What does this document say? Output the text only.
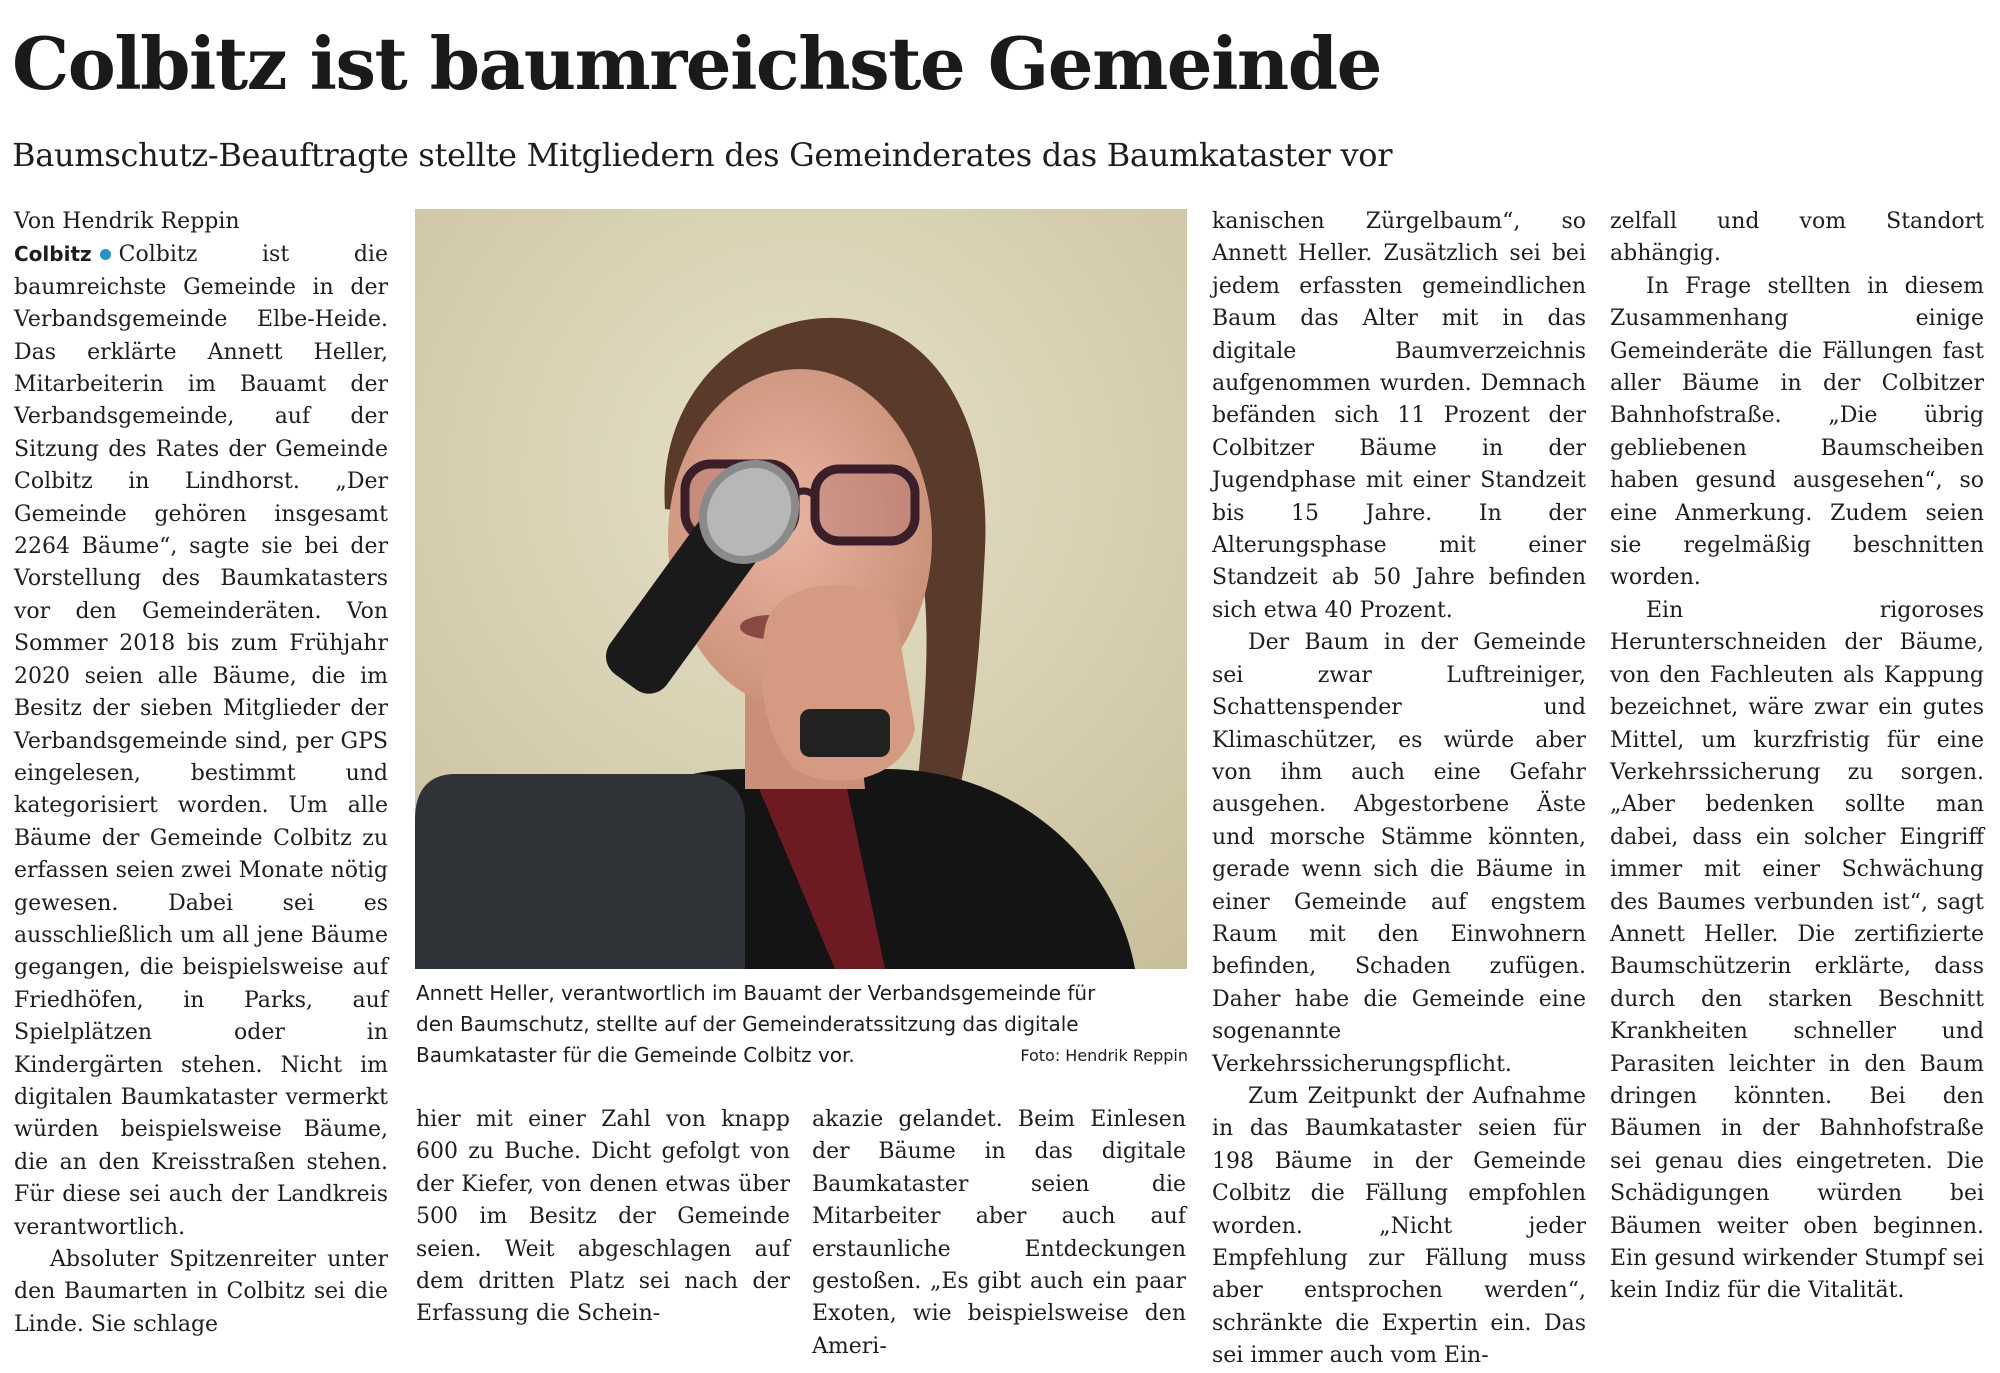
Colbitz ist baumreichste Gemeinde
Baumschutz-Beauftragte stellte Mitgliedern des Gemeinderates das Baumkataster vor
Von Hendrik Reppin

Colbitz Colbitz ist die baumreichste Gemeinde in der Verbandsgemeinde Elbe-Heide. Das erklärte Annett Heller, Mitarbeiterin im Bauamt der Verbandsgemeinde, auf der Sitzung des Rates der Gemeinde Colbitz in Lindhorst. „Der Gemeinde gehören insgesamt 2264 Bäume“, sagte sie bei der Vorstellung des Baumkatasters vor den Gemeinderäten. Von Sommer 2018 bis zum Frühjahr 2020 seien alle Bäume, die im Besitz der sieben Mitglieder der Verbandsgemeinde sind, per GPS eingelesen, bestimmt und kategorisiert worden. Um alle Bäume der Gemeinde Colbitz zu erfassen seien zwei Monate nötig gewesen. Dabei sei es ausschließlich um all jene Bäume gegangen, die beispielsweise auf Friedhöfen, in Parks, auf Spielplätzen oder in Kindergärten stehen. Nicht im digitalen Baumkataster vermerkt würden beispielsweise Bäume, die an den Kreisstraßen stehen. Für diese sei auch der Landkreis verantwortlich.

Absoluter Spitzenreiter unter den Baumarten in Colbitz sei die Linde. Sie schlage

Annett Heller, verantwortlich im Bauamt der Verbandsgemeinde für
den Baumschutz, stellte auf der Gemeinderatssitzung das digitale
Baumkataster für die Gemeinde Colbitz vor.	Foto: Hendrik Reppin

hier mit einer Zahl von knapp 600 zu Buche. Dicht gefolgt von der Kiefer, von denen etwas über 500 im Besitz der Gemeinde seien. Weit abgeschlagen auf dem dritten Platz sei nach der Erfassung die Schein-

akazie gelandet. Beim Einlesen der Bäume in das digitale Baumkataster seien die Mitarbeiter aber auch auf erstaunliche Entdeckungen gestoßen. „Es gibt auch ein paar Exoten, wie beispielsweise den Ameri-

kanischen Zürgelbaum“, so Annett Heller. Zusätzlich sei bei jedem erfassten gemeindlichen Baum das Alter mit in das digitale Baumverzeichnis aufgenommen wurden. Demnach befänden sich 11 Prozent der Colbitzer Bäume in der Jugendphase mit einer Standzeit bis 15 Jahre. In der Alterungsphase mit einer Standzeit ab 50 Jahre befinden sich etwa 40 Prozent.

Der Baum in der Gemeinde sei zwar Luftreiniger, Schattenspender und Klimaschützer, es würde aber von ihm auch eine Gefahr ausgehen. Abgestorbene Äste und morsche Stämme könnten, gerade wenn sich die Bäume in einer Gemeinde auf engstem Raum mit den Einwohnern befinden, Schaden zufügen. Daher habe die Gemeinde eine sogenannte Verkehrssicherungspflicht.

Zum Zeitpunkt der Aufnahme in das Baumkataster seien für 198 Bäume in der Gemeinde Colbitz die Fällung empfohlen worden. „Nicht jeder Empfehlung zur Fällung muss aber entsprochen werden“, schränkte die Expertin ein. Das sei immer auch vom Ein-

zelfall und vom Standort abhängig.

In Frage stellten in diesem Zusammenhang einige Gemeinderäte die Fällungen fast aller Bäume in der Colbitzer Bahnhofstraße. „Die übrig gebliebenen Baumscheiben haben gesund ausgesehen“, so eine Anmerkung. Zudem seien sie regelmäßig beschnitten worden.

Ein rigoroses Herunterschneiden der Bäume, von den Fachleuten als Kappung bezeichnet, wäre zwar ein gutes Mittel, um kurzfristig für eine Verkehrssicherung zu sorgen. „Aber bedenken sollte man dabei, dass ein solcher Eingriff immer mit einer Schwächung des Baumes verbunden ist“, sagt Annett Heller. Die zertifizierte Baumschützerin erklärte, dass durch den starken Beschnitt Krankheiten schneller und Parasiten leichter in den Baum dringen könnten. Bei den Bäumen in der Bahnhofstraße sei genau dies eingetreten. Die Schädigungen würden bei Bäumen weiter oben beginnen. Ein gesund wirkender Stumpf sei kein Indiz für die Vitalität.
